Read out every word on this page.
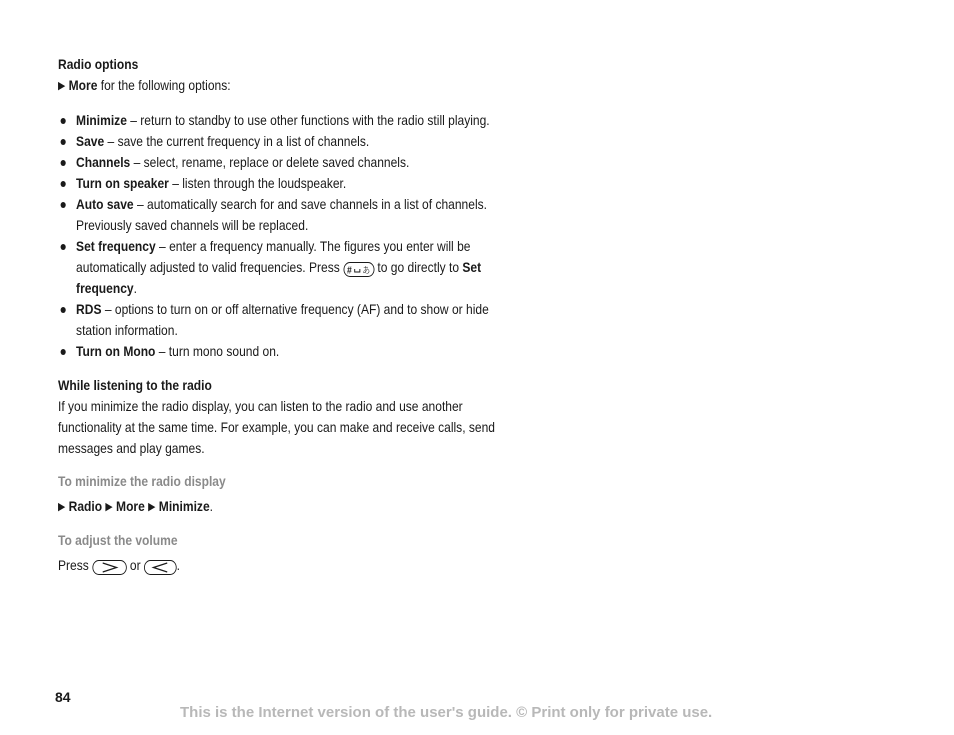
Radio options

▶ More for the following options:

Minimize – return to standby to use other functions with the radio still playing.
Save – save the current frequency in a list of channels.
Channels – select, rename, replace or delete saved channels.
Turn on speaker – listen through the loudspeaker.
Auto save – automatically search for and save channels in a list of channels. Previously saved channels will be replaced.
Set frequency – enter a frequency manually. The figures you enter will be automatically adjusted to valid frequencies. Press # あ to go directly to Set frequency.
RDS – options to turn on or off alternative frequency (AF) and to show or hide station information.
Turn on Mono – turn mono sound on.

While listening to the radio

If you minimize the radio display, you can listen to the radio and use another functionality at the same time. For example, you can make and receive calls, send messages and play games.

To minimize the radio display

▶ Radio ▶ More ▶ Minimize.

To adjust the volume

Press
or
.

84
This is the Internet version of the user's guide. © Print only for private use.
